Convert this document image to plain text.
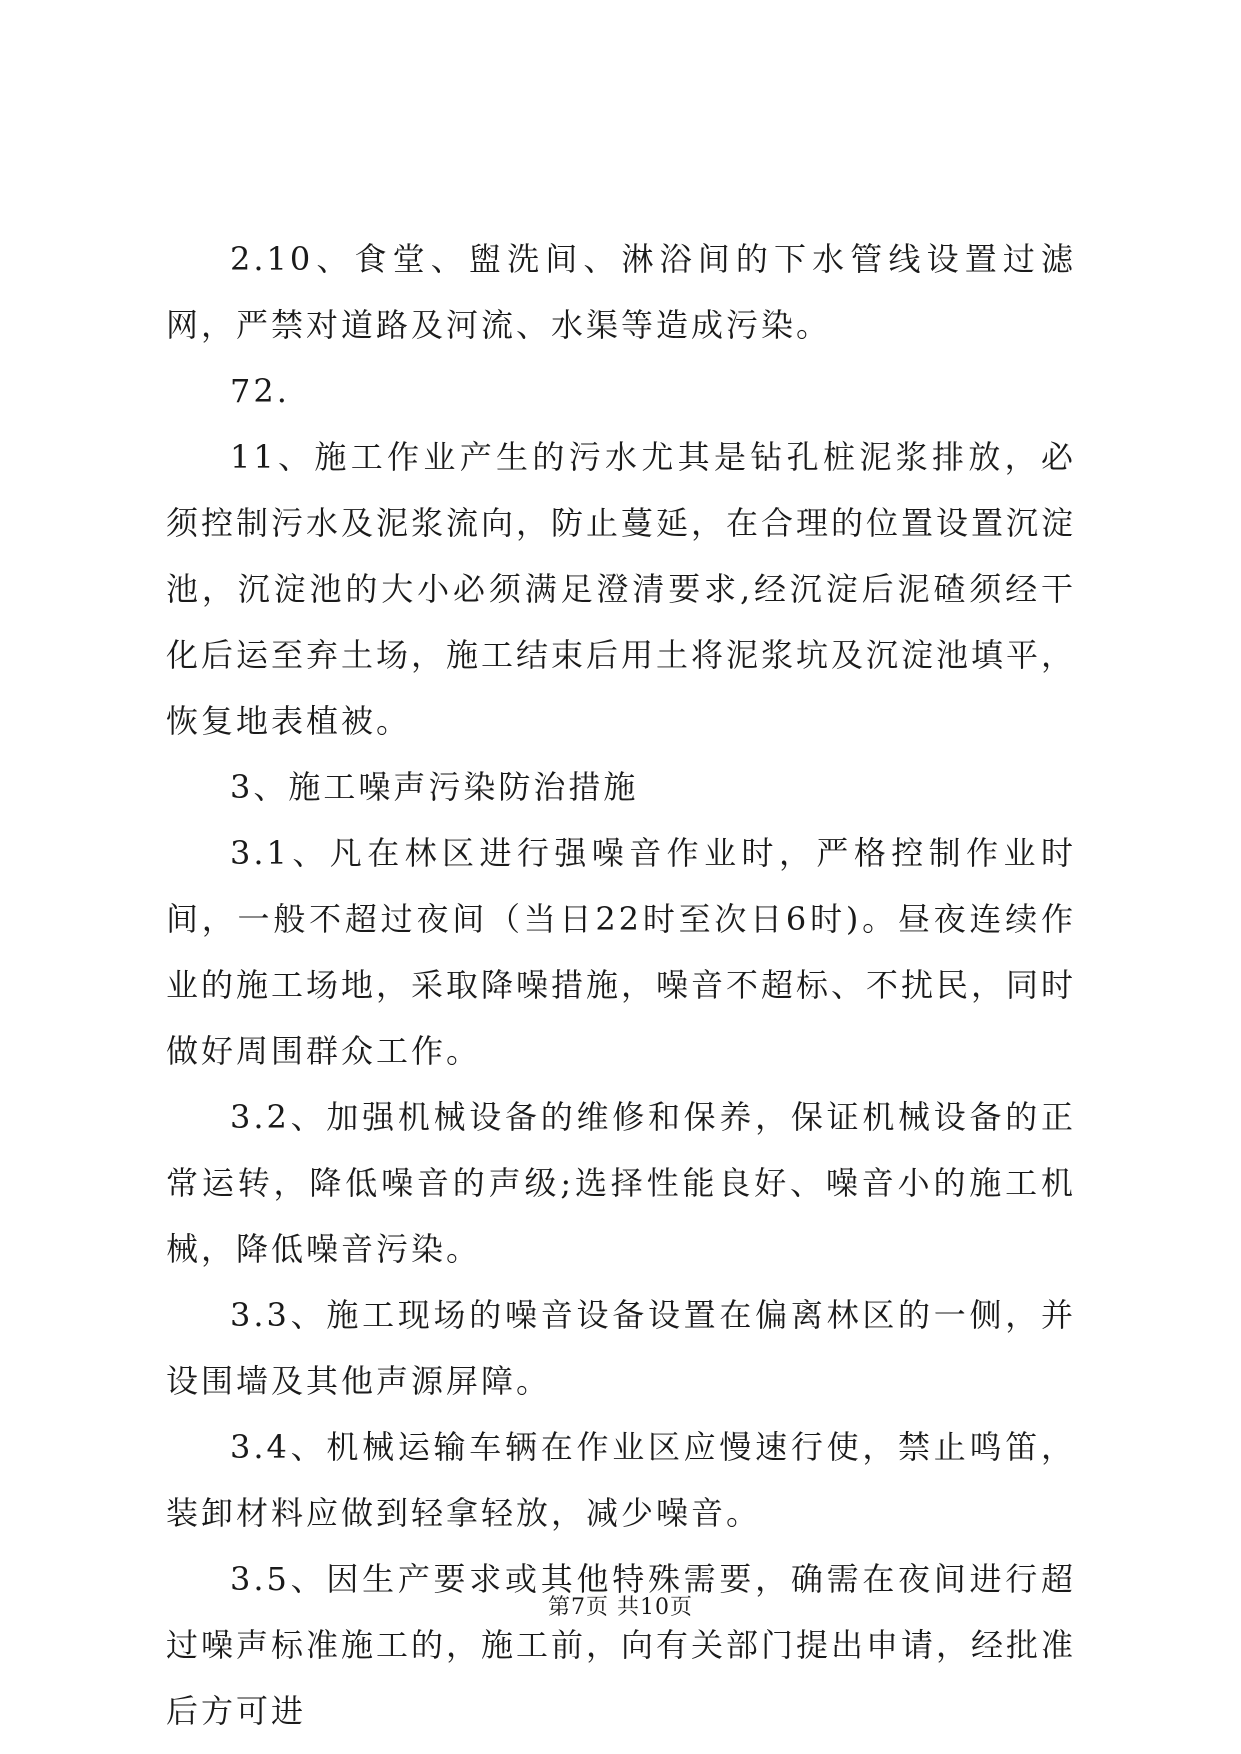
2.10、食堂、盥洗间、淋浴间的下水管线设置过滤网，严禁对道路及河流、水渠等造成污染。

72.

11、施工作业产生的污水尤其是钻孔桩泥浆排放，必须控制污水及泥浆流向，防止蔓延，在合理的位置设置沉淀池，沉淀池的大小必须满足澄清要求,经沉淀后泥碴须经干化后运至弃土场，施工结束后用土将泥浆坑及沉淀池填平，恢复地表植被。

3、施工噪声污染防治措施

3.1、凡在林区进行强噪音作业时，严格控制作业时间，一般不超过夜间（当日22时至次日6时)。昼夜连续作业的施工场地，采取降噪措施，噪音不超标、不扰民，同时做好周围群众工作。

3.2、加强机械设备的维修和保养，保证机械设备的正常运转，降低噪音的声级;选择性能良好、噪音小的施工机械，降低噪音污染。

3.3、施工现场的噪音设备设置在偏离林区的一侧，并设围墙及其他声源屏障。

3.4、机械运输车辆在作业区应慢速行使，禁止鸣笛，装卸材料应做到轻拿轻放，减少噪音。

3.5、因生产要求或其他特殊需要，确需在夜间进行超过噪声标准施工的，施工前，向有关部门提出申请，经批准后方可进

第7页 共10页
